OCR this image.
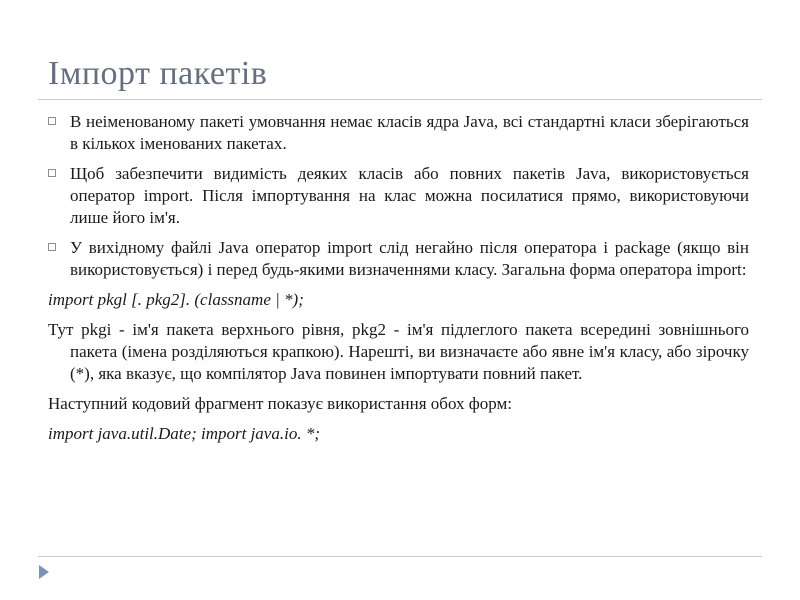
Імпорт пакетів
В неіменованому пакеті умовчання немає класів ядра Java, всі стандартні класи зберігаються в кількох іменованих пакетах.
Щоб забезпечити видимість деяких класів або повних пакетів Java, використовується оператор import. Після імпортування на клас можна посилатися прямо, використовуючи лише його ім'я.
У вихідному файлі Java оператор import слід негайно після оператора і package (якщо він використовується) і перед будь-якими визначеннями класу. Загальна форма оператора import:
import pkgl [. pkg2]. (classname | *);
Тут pkgi - ім'я пакета верхнього рівня, pkg2 - ім'я підлеглого пакета всередині зовнішнього пакета (імена розділяються крапкою). Нарешті, ви визначаєте або явне ім'я класу, або зірочку (*), яка вказує, що компілятор Java повинен імпортувати повний пакет.
Наступний кодовий фрагмент показує використання обох форм:
import java.util.Date; import java.io. *;
